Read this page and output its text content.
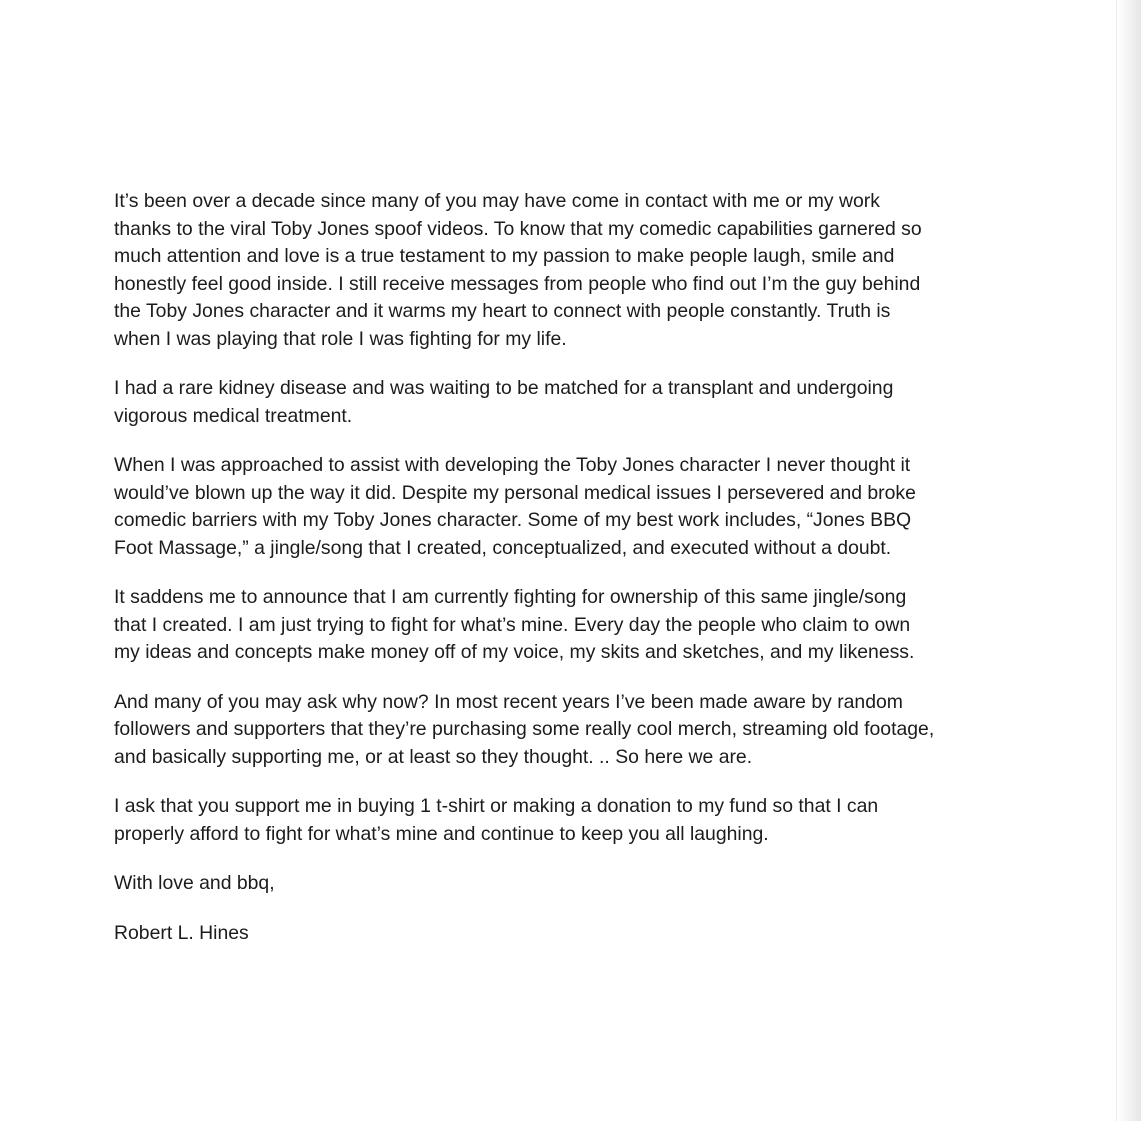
It’s been over a decade since many of you may have come in contact with me or my work
thanks to the viral Toby Jones spoof videos. To know that my comedic capabilities garnered so
much attention and love is a true testament to my passion to make people laugh, smile and
honestly feel good inside. I still receive messages from people who find out I’m the guy behind
the Toby Jones character and it warms my heart to connect with people constantly. Truth is
when I was playing that role I was fighting for my life.

I had a rare kidney disease and was waiting to be matched for a transplant and undergoing
vigorous medical treatment.

When I was approached to assist with developing the Toby Jones character I never thought it
would’ve blown up the way it did. Despite my personal medical issues I persevered and broke
comedic barriers with my Toby Jones character. Some of my best work includes, “Jones BBQ
Foot Massage,” a jingle/song that I created, conceptualized, and executed without a doubt.

It saddens me to announce that I am currently fighting for ownership of this same jingle/song
that I created. I am just trying to fight for what’s mine. Every day the people who claim to own
my ideas and concepts make money off of my voice, my skits and sketches, and my likeness.

And many of you may ask why now? In most recent years I’ve been made aware by random
followers and supporters that they’re purchasing some really cool merch, streaming old footage,
and basically supporting me, or at least so they thought. .. So here we are.

I ask that you support me in buying 1 t-shirt or making a donation to my fund so that I can
properly afford to fight for what’s mine and continue to keep you all laughing.

With love and bbq,

Robert L. Hines
